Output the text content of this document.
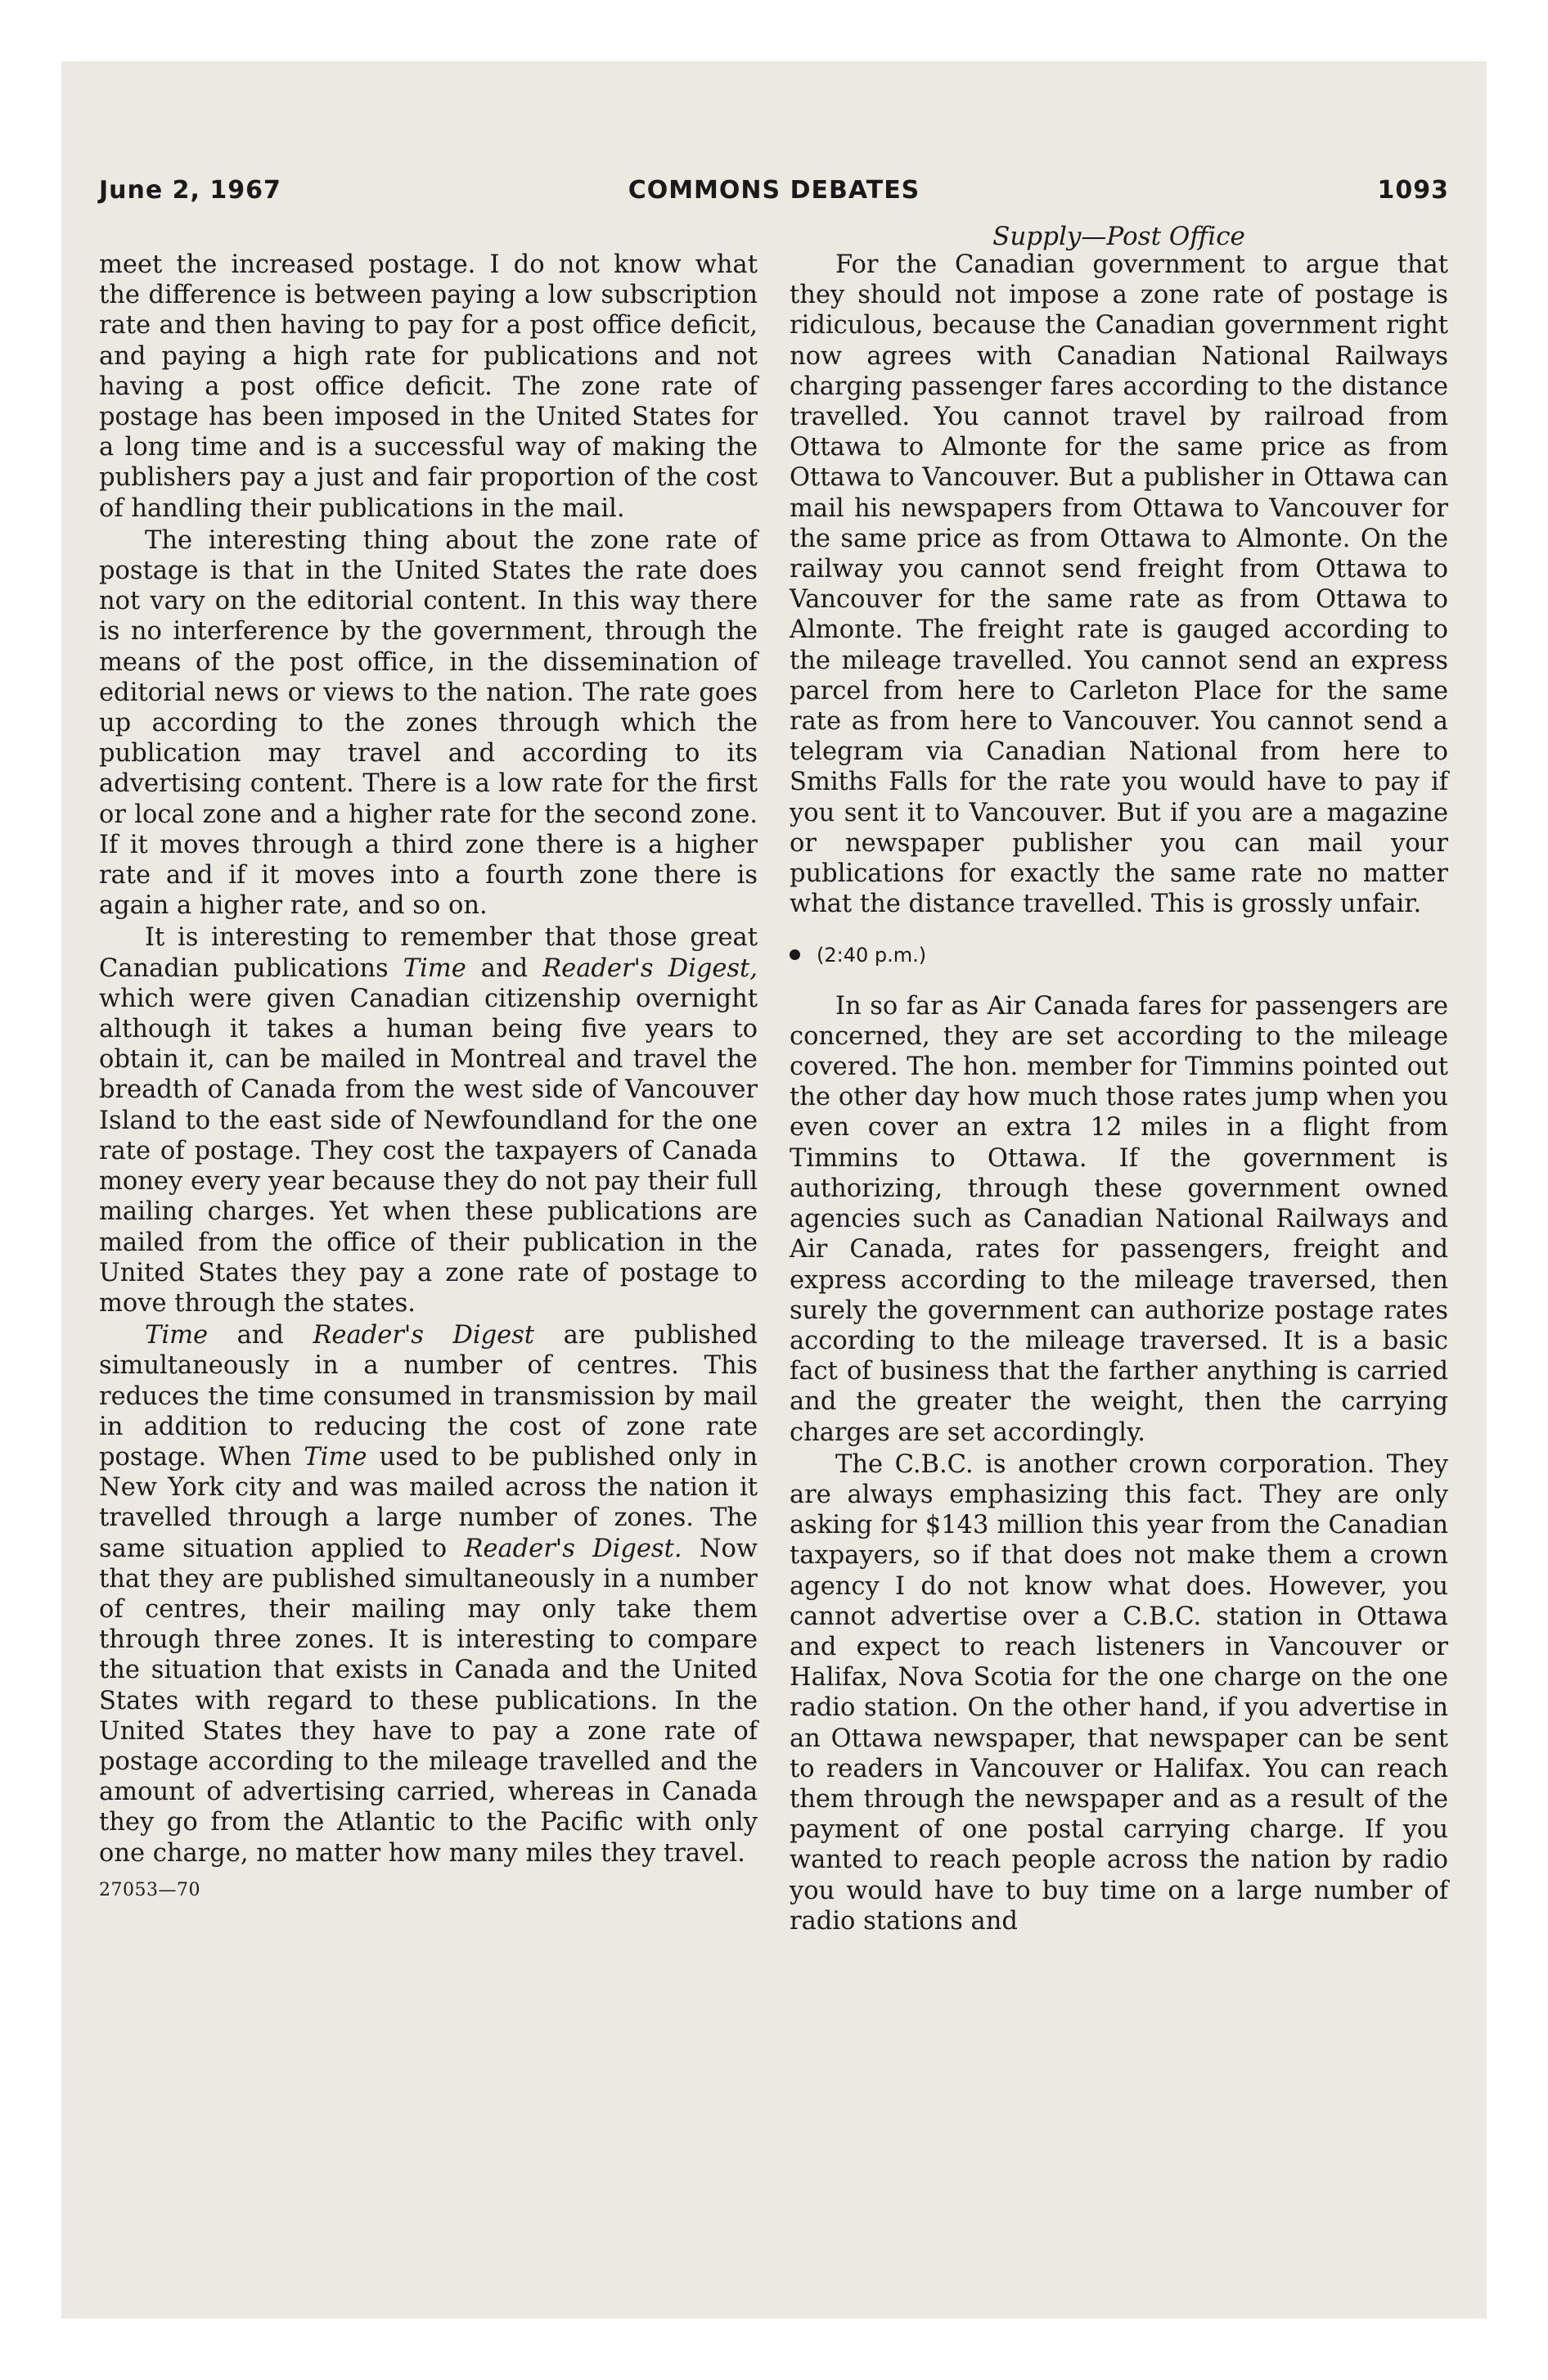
June 2, 1967	COMMONS DEBATES	1093

meet the increased postage. I do not know what the difference is between paying a low subscription rate and then having to pay for a post office deficit, and paying a high rate for publications and not having a post office deficit. The zone rate of postage has been imposed in the United States for a long time and is a successful way of making the publishers pay a just and fair proportion of the cost of handling their publications in the mail.

The interesting thing about the zone rate of postage is that in the United States the rate does not vary on the editorial content. In this way there is no interference by the government, through the means of the post office, in the dissemination of editorial news or views to the nation. The rate goes up according to the zones through which the publication may travel and according to its advertising content. There is a low rate for the first or local zone and a higher rate for the second zone. If it moves through a third zone there is a higher rate and if it moves into a fourth zone there is again a higher rate, and so on.

It is interesting to remember that those great Canadian publications Time and Reader's Digest, which were given Canadian citizenship overnight although it takes a human being five years to obtain it, can be mailed in Montreal and travel the breadth of Canada from the west side of Vancouver Island to the east side of Newfoundland for the one rate of postage. They cost the taxpayers of Canada money every year because they do not pay their full mailing charges. Yet when these publications are mailed from the office of their publication in the United States they pay a zone rate of postage to move through the states.

Time and Reader's Digest are published simultaneously in a number of centres. This reduces the time consumed in transmission by mail in addition to reducing the cost of zone rate postage. When Time used to be published only in New York city and was mailed across the nation it travelled through a large number of zones. The same situation applied to Reader's Digest. Now that they are published simultaneously in a number of centres, their mailing may only take them through three zones. It is interesting to compare the situation that exists in Canada and the United States with regard to these publications. In the United States they have to pay a zone rate of postage according to the mileage travelled and the amount of advertising carried, whereas in Canada they go from the Atlantic to the Pacific with only one charge, no matter how many miles they travel.

27053—70
Supply—Post Office

For the Canadian government to argue that they should not impose a zone rate of postage is ridiculous, because the Canadian government right now agrees with Canadian National Railways charging passenger fares according to the distance travelled. You cannot travel by railroad from Ottawa to Almonte for the same price as from Ottawa to Vancouver. But a publisher in Ottawa can mail his newspapers from Ottawa to Vancouver for the same price as from Ottawa to Almonte. On the railway you cannot send freight from Ottawa to Vancouver for the same rate as from Ottawa to Almonte. The freight rate is gauged according to the mileage travelled. You cannot send an express parcel from here to Carleton Place for the same rate as from here to Vancouver. You cannot send a telegram via Canadian National from here to Smiths Falls for the rate you would have to pay if you sent it to Vancouver. But if you are a magazine or newspaper publisher you can mail your publications for exactly the same rate no matter what the distance travelled. This is grossly unfair.

(2:40 p.m.)

In so far as Air Canada fares for passengers are concerned, they are set according to the mileage covered. The hon. member for Timmins pointed out the other day how much those rates jump when you even cover an extra 12 miles in a flight from Timmins to Ottawa. If the government is authorizing, through these government owned agencies such as Canadian National Railways and Air Canada, rates for passengers, freight and express according to the mileage traversed, then surely the government can authorize postage rates according to the mileage traversed. It is a basic fact of business that the farther anything is carried and the greater the weight, then the carrying charges are set accordingly.

The C.B.C. is another crown corporation. They are always emphasizing this fact. They are only asking for $143 million this year from the Canadian taxpayers, so if that does not make them a crown agency I do not know what does. However, you cannot advertise over a C.B.C. station in Ottawa and expect to reach listeners in Vancouver or Halifax, Nova Scotia for the one charge on the one radio station. On the other hand, if you advertise in an Ottawa newspaper, that newspaper can be sent to readers in Vancouver or Halifax. You can reach them through the newspaper and as a result of the payment of one postal carrying charge. If you wanted to reach people across the nation by radio you would have to buy time on a large number of radio stations and
